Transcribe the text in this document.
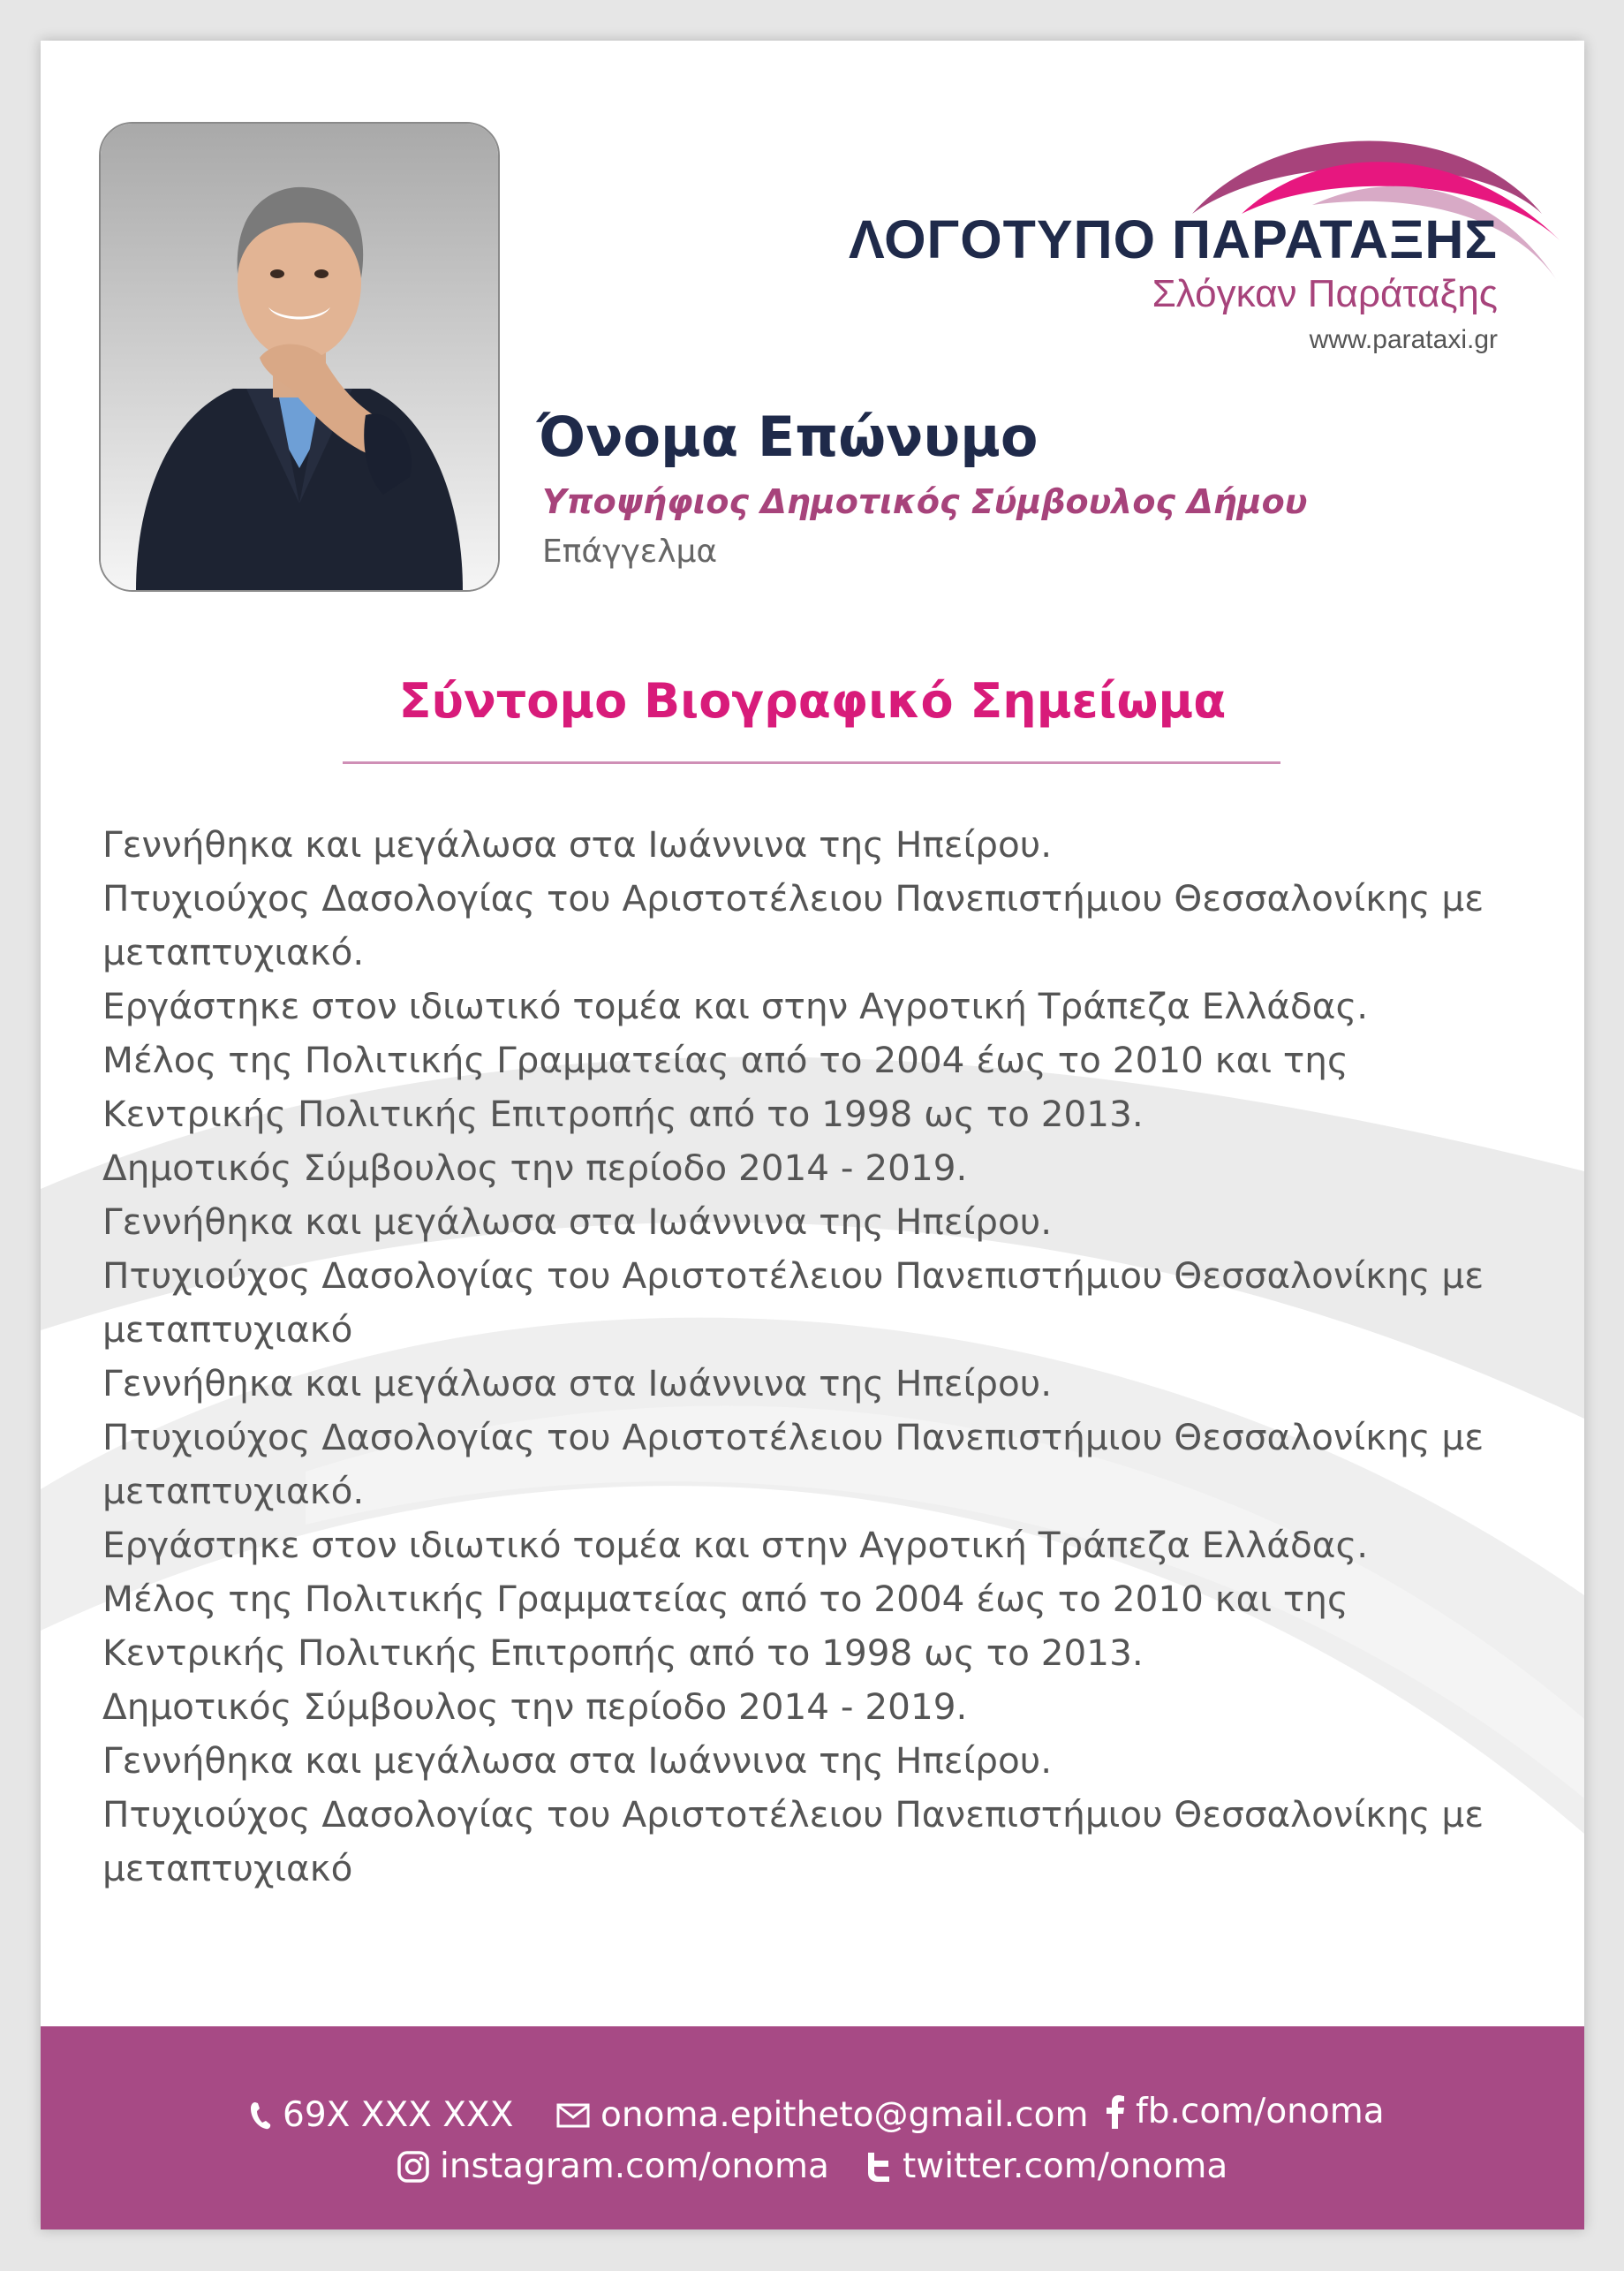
ΛΟΓΟΤΥΠΟ ΠΑΡΑΤΑΞΗΣ
Σλόγκαν Παράταξης
www.parataxi.gr
Όνομα Επώνυμο
Υποψήφιος Δημοτικός Σύμβουλος Δήμου
Επάγγελμα
Σύντομο Βιογραφικό Σημείωμα
Γεννήθηκα και μεγάλωσα στα Ιωάννινα της Ηπείρου.
Πτυχιούχος Δασολογίας του Αριστοτέλειου Πανεπιστήμιου Θεσσαλονίκης με
μεταπτυχιακό.
Εργάστηκε στον ιδιωτικό τομέα και στην Αγροτική Τράπεζα Ελλάδας.
Μέλος της Πολιτικής Γραμματείας από το 2004 έως το 2010 και της
Κεντρικής Πολιτικής Επιτροπής από το 1998 ως το 2013.
Δημοτικός Σύμβουλος την περίοδο 2014 - 2019.
Γεννήθηκα και μεγάλωσα στα Ιωάννινα της Ηπείρου.
Πτυχιούχος Δασολογίας του Αριστοτέλειου Πανεπιστήμιου Θεσσαλονίκης με
μεταπτυχιακό
Γεννήθηκα και μεγάλωσα στα Ιωάννινα της Ηπείρου.
Πτυχιούχος Δασολογίας του Αριστοτέλειου Πανεπιστήμιου Θεσσαλονίκης με
μεταπτυχιακό.
Εργάστηκε στον ιδιωτικό τομέα και στην Αγροτική Τράπεζα Ελλάδας.
Μέλος της Πολιτικής Γραμματείας από το 2004 έως το 2010 και της
Κεντρικής Πολιτικής Επιτροπής από το 1998 ως το 2013.
Δημοτικός Σύμβουλος την περίοδο 2014 - 2019.
Γεννήθηκα και μεγάλωσα στα Ιωάννινα της Ηπείρου.
Πτυχιούχος Δασολογίας του Αριστοτέλειου Πανεπιστήμιου Θεσσαλονίκης με
μεταπτυχιακό
69X XXX XXX	onoma.epitheto@gmail.com fb.com/onoma
instagram.com/onoma twitter.com/onoma
